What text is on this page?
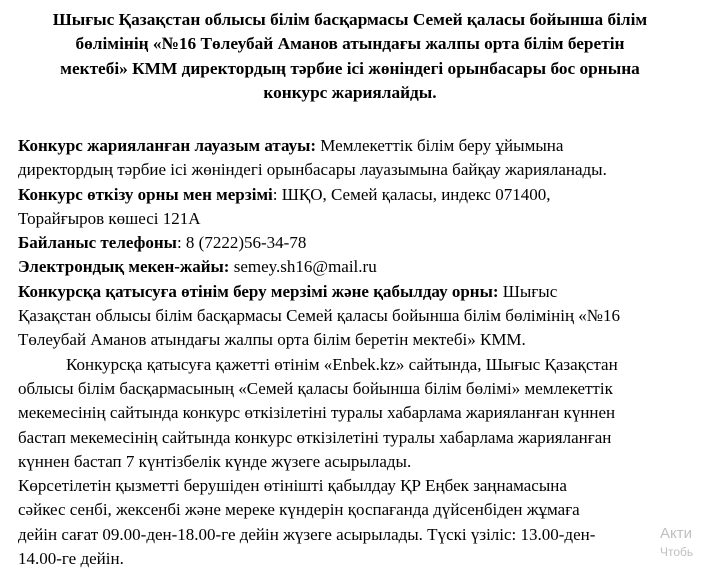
Шығыс Қазақстан облысы білім басқармасы Семей қаласы бойынша білім
бөлімінің «№16 Төлеубай Аманов атындағы жалпы орта білім беретін
мектебі» КММ директордың тәрбие ісі жөніндегі орынбасары бос орнына
конкурс жариялайды.

Конкурс жарияланған лауазым атауы: Мемлекеттік білім беру ұйымына

директордың тәрбие ісі жөніндегі орынбасары лауазымына байқау жарияланады.

Конкурс өткізу орны мен мерзімі: ШҚО, Семей қаласы, индекс 071400,

Торайғыров көшесі 121А

Байланыс телефоны: 8 (7222)56-34-78

Электрондық мекен-жайы: semey.sh16@mail.ru

Конкурсқа қатысуға өтінім беру мерзімі және қабылдау орны: Шығыс

Қазақстан облысы білім басқармасы Семей қаласы бойынша білім бөлімінің «№16

Төлеубай Аманов атындағы жалпы орта білім беретін мектебі» КММ.

Конкурсқа қатысуға қажетті өтінім «Enbek.kz» сайтында, Шығыс Қазақстан

облысы білім басқармасының «Семей қаласы бойынша білім бөлімі» мемлекеттік

мекемесінің сайтында конкурс өткізілетіні туралы хабарлама жарияланған күннен

бастап мекемесінің сайтында конкурс өткізілетіні туралы хабарлама жарияланған

күннен бастап 7 күнтізбелік күнде жүзеге асырылады.

Көрсетілетін қызметті берушіден өтінішті қабылдау ҚР Еңбек заңнамасына

сәйкес сенбі, жексенбі және мереке күндерін қоспағанда дүйсенбіден жұмаға

дейін сағат 09.00-ден-18.00-ге дейін жүзеге асырылады. Түскі үзіліс: 13.00-ден-

14.00-ге дейін.

Акти
Чтобь
